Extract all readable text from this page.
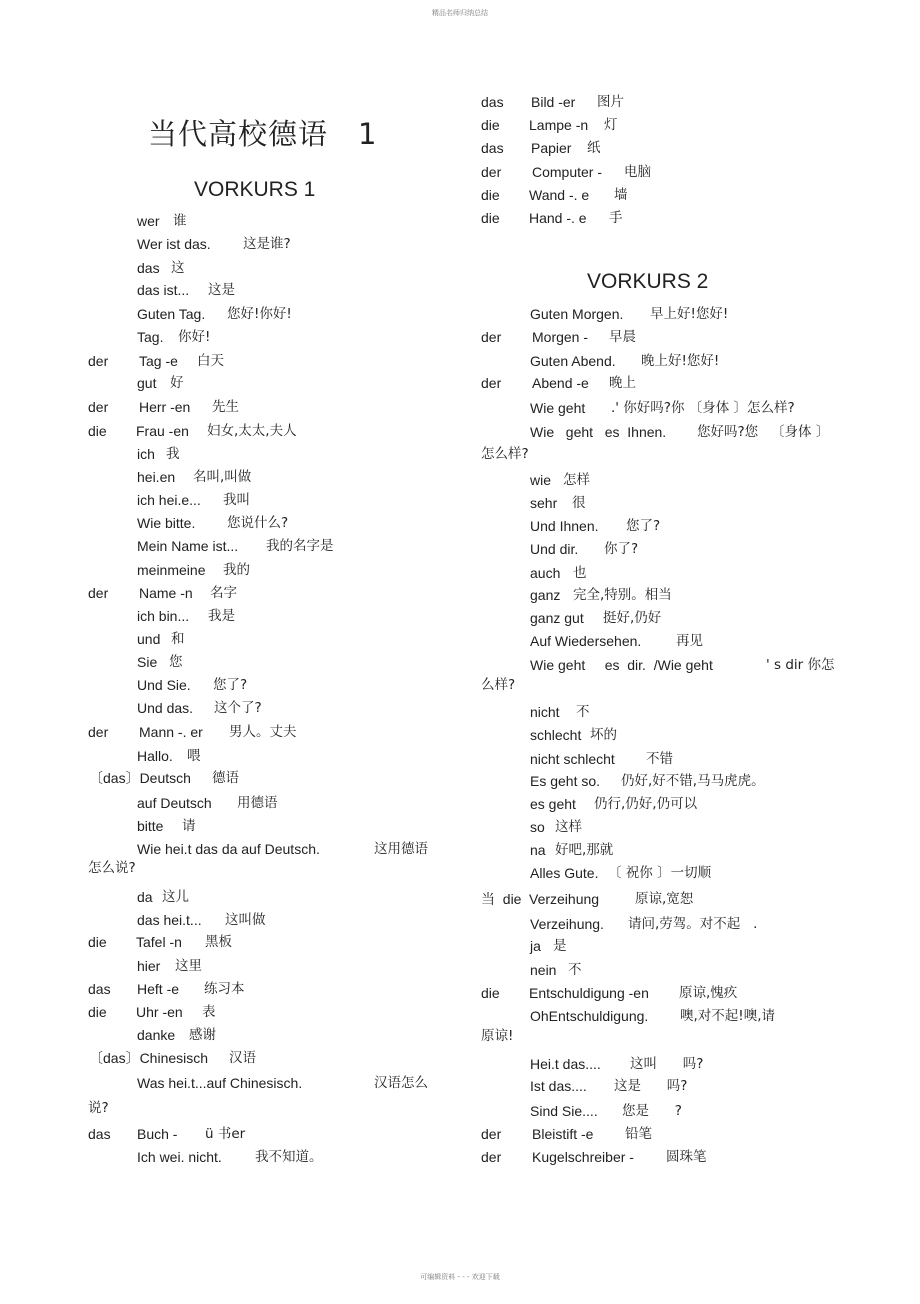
精品名师归纳总结
当代高校德语 1
VORKURS 1
VORKURS 2
wer 谁
Wer ist das. 这是谁?
das 这
das ist... 这是
Guten Tag. 您好!你好!
Tag. 你好!
der Tag -e 白天
gut 好
der Herr -en 先生
die Frau -en 妇女,太太,夫人
ich 我
hei.en 名叫,叫做
ich hei.e... 我叫
Wie bitte. 您说什么?
Mein Name ist... 我的名字是
meinmeine 我的
der Name -n 名字
ich bin... 我是
und 和
Sie 您
Und Sie. 您了?
Und das. 这个了?
der Mann -. er 男人。丈夫
Hallo. 喂
〔das〕Deutsch 德语
auf Deutsch 用德语
bitte 请
Wie hei.t das da auf Deutsch.	这用德语
怎么说?
da 这儿
das hei.t... 这叫做
die Tafel -n 黑板
hier 这里
das Heft -e 练习本
die Uhr -en 表
danke 感谢
〔das〕Chinesisch 汉语
Was hei.t...auf Chinesisch.	汉语怎么
说?
das Buch - ü 书er
Ich wei. nicht. 我不知道。
das Bild -er 图片
die Lampe -n 灯
das Papier 纸
der Computer - 电脑
die Wand -. e 墙
die Hand -. e 手
Guten Morgen. 早上好!您好!
der Morgen - 早晨
Guten Abend. 晚上好!您好!
der Abend -e 晚上
Wie geht .' 你好吗?你 〔身体 〕怎么样?
Wie   geht   es  Ihnen. 您好吗?您   〔身体 〕
怎么样?
wie 怎样
sehr 很
Und Ihnen. 您了?
Und dir. 你了?
auch 也
ganz 完全,特别。相当
ganz gut 挺好,仍好
Auf Wiedersehen.	再见
Wie geht     es  dir.  /Wie geht	' s dir 你怎
么样?
nicht 不
schlecht 坏的
nicht schlecht 不错
Es geht so. 仍好,好不错,马马虎虎。
es geht 仍行,仍好,仍可以
so 这样
na 好吧,那就
Alles Gute. 〔 祝你 〕一切顺
当  die Verzeihung	原谅,宽恕
Verzeihung. 请问,劳驾。对不起   .
ja 是
nein 不
die Entschuldigung -en 原谅,愧疚
OhEntschuldigung. 噢,对不起!噢,请
原谅!
Hei.t das.... 这叫      吗?
Ist das.... 这是      吗?
Sind Sie.... 您是      ?
der Bleistift -e 铅笔
der Kugelschreiber - 圆珠笔
可编辑资料 - - - 欢迎下载
